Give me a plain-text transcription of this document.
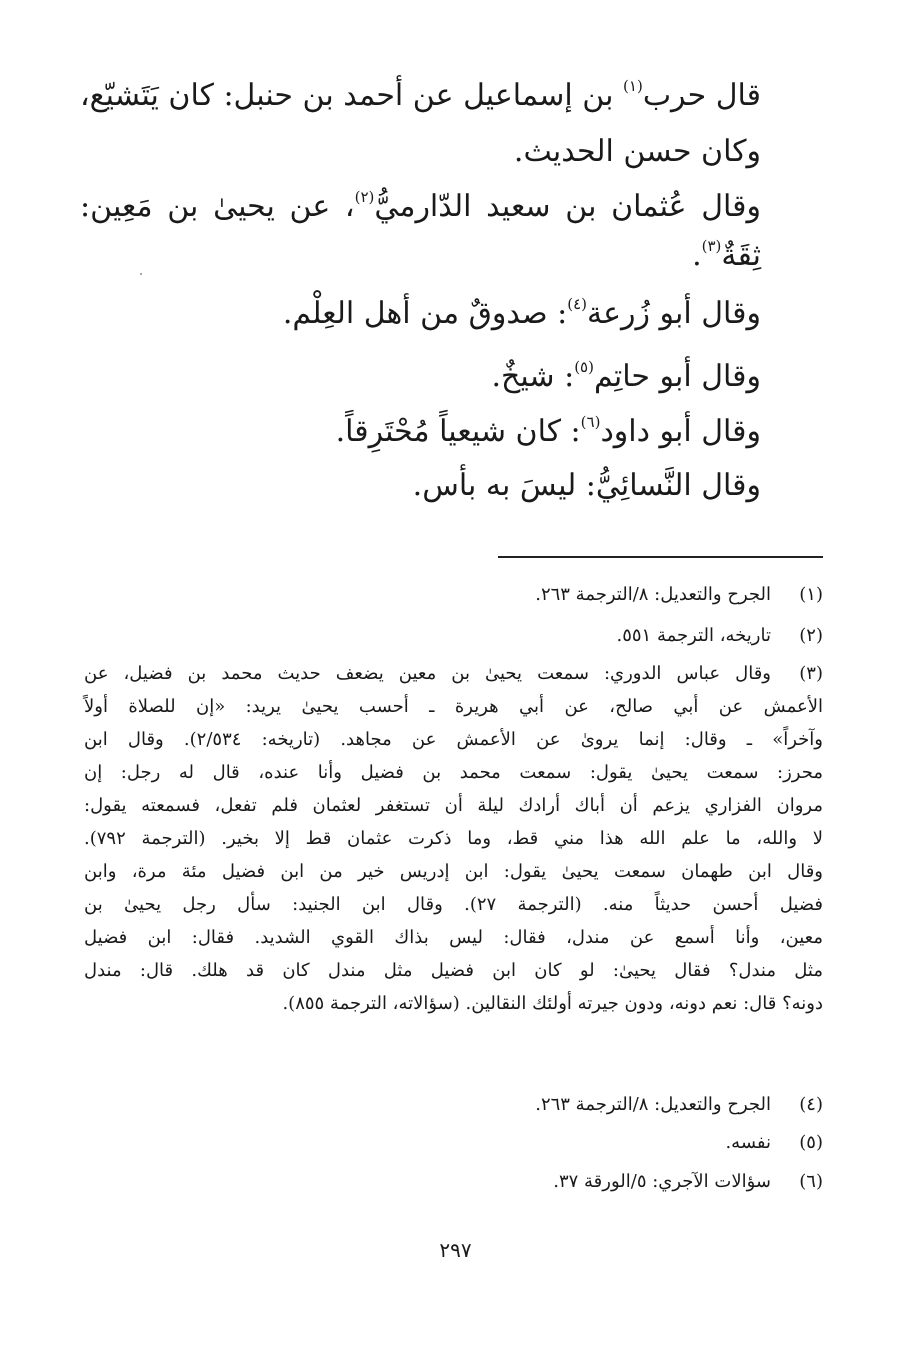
قال حرب$^{(١)}$ بن إسماعيل عن أحمد بن حنبل: كان يَتَشيّع،
وكان حسن الحديث.
وقال عُثمان بن سعيد الدّارميُّ$^{(٢)}$، عن يحيىٰ بن مَعِين:
ثِقَةٌ$^{(٣)}$.
وقال أبو زُرعة$^{(٤)}$: صدوقٌ من أهل العِلْم.
وقال أبو حاتِم$^{(٥)}$: شيخٌ.
وقال أبو داود$^{(٦)}$: كان شيعياً مُحْتَرِقاً.
وقال النَّسائِيُّ: ليسَ به بأس.
(١)
الجرح والتعديل: ٨/الترجمة ٢٦٣.
(٢)
تاريخه، الترجمة ٥٥١.
(٣)
وقال عباس الدوري: سمعت يحيىٰ بن معين يضعف حديث محمد بن فضيل، عن
الأعمش عن أبي صالح، عن أبي هريرة ـ أحسب يحيىٰ يريد: «إن للصلاة أولاً
وآخراً» ـ وقال: إنما يروىٰ عن الأعمش عن مجاهد. (تاريخه: ٢/٥٣٤). وقال ابن
محرز: سمعت يحيىٰ يقول: سمعت محمد بن فضيل وأنا عنده، قال له رجل: إن
مروان الفزاري يزعم أن أباك أرادك ليلة أن تستغفر لعثمان فلم تفعل، فسمعته يقول:
لا والله، ما علم الله هذا مني قط، وما ذكرت عثمان قط إلا بخير. (الترجمة ٧٩٢).
وقال ابن طهمان سمعت يحيىٰ يقول: ابن إدريس خير من ابن فضيل مئة مرة، وابن
فضيل أحسن حديثاً منه. (الترجمة ٢٧). وقال ابن الجنيد: سأل رجل يحيىٰ بن
معين، وأنا أسمع عن مندل، فقال: ليس بذاك القوي الشديد. فقال: ابن فضيل
مثل مندل؟ فقال يحيىٰ: لو كان ابن فضيل مثل مندل كان قد هلك. قال: مندل
دونه؟ قال: نعم دونه، ودون جيرته أولئك النقالين. (سؤالاته، الترجمة ٨٥٥).
(٤)
الجرح والتعديل: ٨/الترجمة ٢٦٣.
(٥)
نفسه.
(٦)
سؤالات الآجري: ٥/الورقة ٣٧.
٢٩٧
